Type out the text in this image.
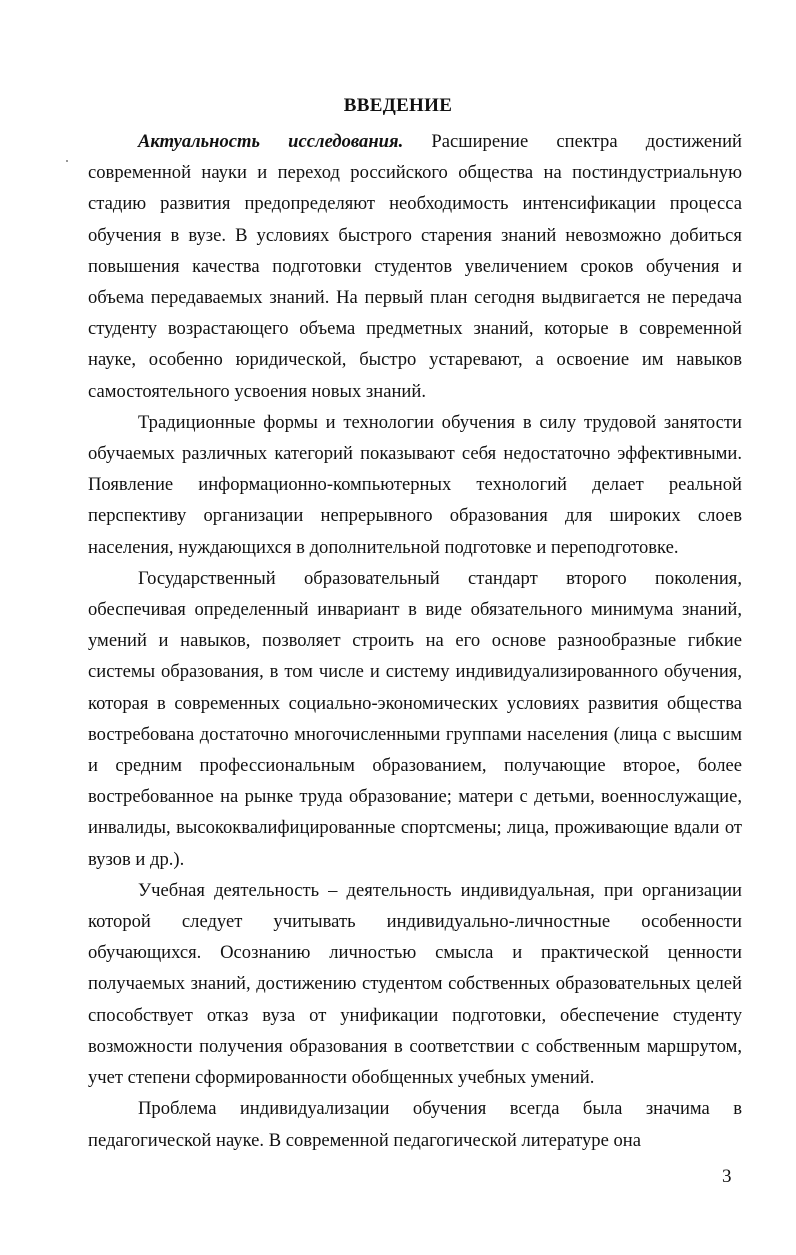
ВВЕДЕНИЕ

Актуальность исследования. Расширение спектра достижений современной науки и переход российского общества на постиндустриальную стадию развития предопределяют необходимость интенсификации процесса обучения в вузе. В условиях быстрого старения знаний невозможно добиться повышения качества подготовки студентов увеличением сроков обучения и объема передаваемых знаний. На первый план сегодня выдвигается не передача студенту возрастающего объема предметных знаний, которые в современной науке, особенно юридической, быстро устаревают, а освоение им навыков самостоятельного усвоения новых знаний.

Традиционные формы и технологии обучения в силу трудовой занятости обучаемых различных категорий показывают себя недостаточно эффективными. Появление информационно-компьютерных технологий делает реальной перспективу организации непрерывного образования для широких слоев населения, нуждающихся в дополнительной подготовке и переподготовке.

Государственный образовательный стандарт второго поколения, обеспечивая определенный инвариант в виде обязательного минимума знаний, умений и навыков, позволяет строить на его основе разнообразные гибкие системы образования, в том числе и систему индивидуализированного обучения, которая в современных социально-экономических условиях развития общества востребована достаточно многочисленными группами населения (лица с высшим и средним профессиональным образованием, получающие второе, более востребованное на рынке труда образование; матери с детьми, военнослужащие, инвалиды, высококвалифицированные спортсмены; лица, проживающие вдали от вузов и др.).

Учебная деятельность – деятельность индивидуальная, при организации которой следует учитывать индивидуально-личностные особенности обучающихся. Осознанию личностью смысла и практической ценности получаемых знаний, достижению студентом собственных образовательных целей способствует отказ вуза от унификации подготовки, обеспечение студенту возможности получения образования в соответствии с собственным маршрутом, учет степени сформированности обобщенных учебных умений.

Проблема индивидуализации обучения всегда была значима в педагогической науке. В современной педагогической литературе она

3
